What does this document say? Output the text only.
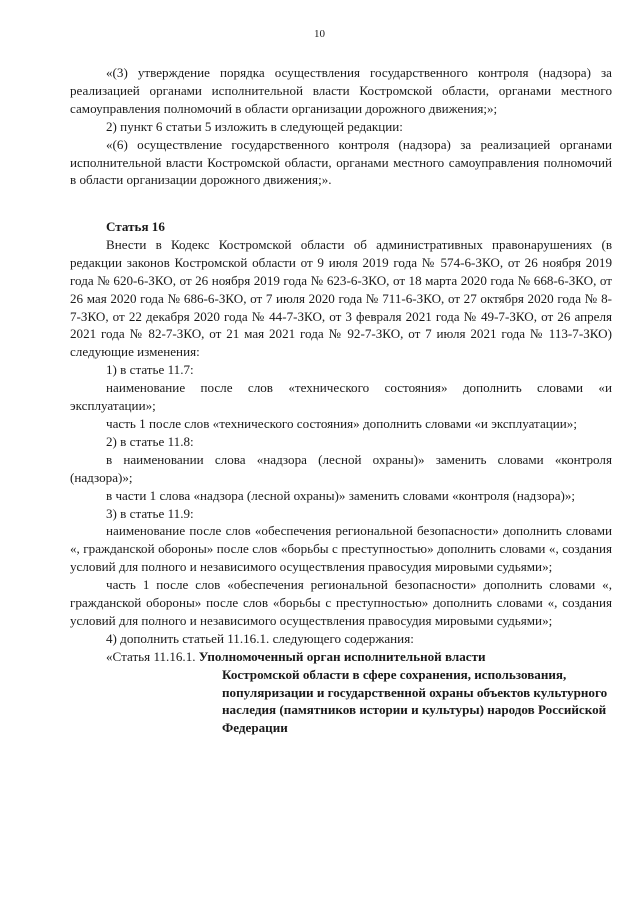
10

«(3) утверждение порядка осуществления государственного контроля (надзора) за реализацией органами исполнительной власти Костромской области, органами местного самоуправления полномочий в области организации дорожного движения;»;

2) пункт 6 статьи 5 изложить в следующей редакции:

«(6) осуществление государственного контроля (надзора) за реализацией органами исполнительной власти Костромской области, органами местного самоуправления полномочий в области организации дорожного движения;».

Статья 16

Внести в Кодекс Костромской области об административных правонарушениях (в редакции законов Костромской области от 9 июля 2019 года № 574-6-ЗКО, от 26 ноября 2019 года № 620-6-ЗКО, от 26 ноября 2019 года № 623-6-ЗКО, от 18 марта 2020 года № 668-6-ЗКО, от 26 мая 2020 года № 686-6-ЗКО, от 7 июля 2020 года № 711-6-ЗКО, от 27 октября 2020 года № 8-7-ЗКО, от 22 декабря 2020 года № 44-7-ЗКО, от 3 февраля 2021 года № 49-7-ЗКО, от 26 апреля 2021 года № 82-7-ЗКО, от 21 мая 2021 года № 92-7-ЗКО, от 7 июля 2021 года № 113-7-ЗКО) следующие изменения:

1) в статье 11.7:

наименование после слов «технического состояния» дополнить словами «и эксплуатации»;

часть 1 после слов «технического состояния» дополнить словами «и эксплуатации»;

2) в статье 11.8:

в наименовании слова «надзора (лесной охраны)» заменить словами «контроля (надзора)»;

в части 1 слова «надзора (лесной охраны)» заменить словами «контроля (надзора)»;

3) в статье 11.9:

наименование после слов «обеспечения региональной безопасности» дополнить словами «, гражданской обороны» после слов «борьбы с преступностью» дополнить словами «, создания условий для полного и независимого осуществления правосудия мировыми судьями»;

часть 1 после слов «обеспечения региональной безопасности» дополнить словами «, гражданской обороны» после слов «борьбы с преступностью» дополнить словами «, создания условий для полного и независимого осуществления правосудия мировыми судьями»;

4) дополнить статьей 11.16.1. следующего содержания:

«Статья 11.16.1. Уполномоченный орган исполнительной власти

Костромской области в сфере сохранения, использования, популяризации и государственной охраны объектов культурного наследия (памятников истории и культуры) народов Российской Федерации
